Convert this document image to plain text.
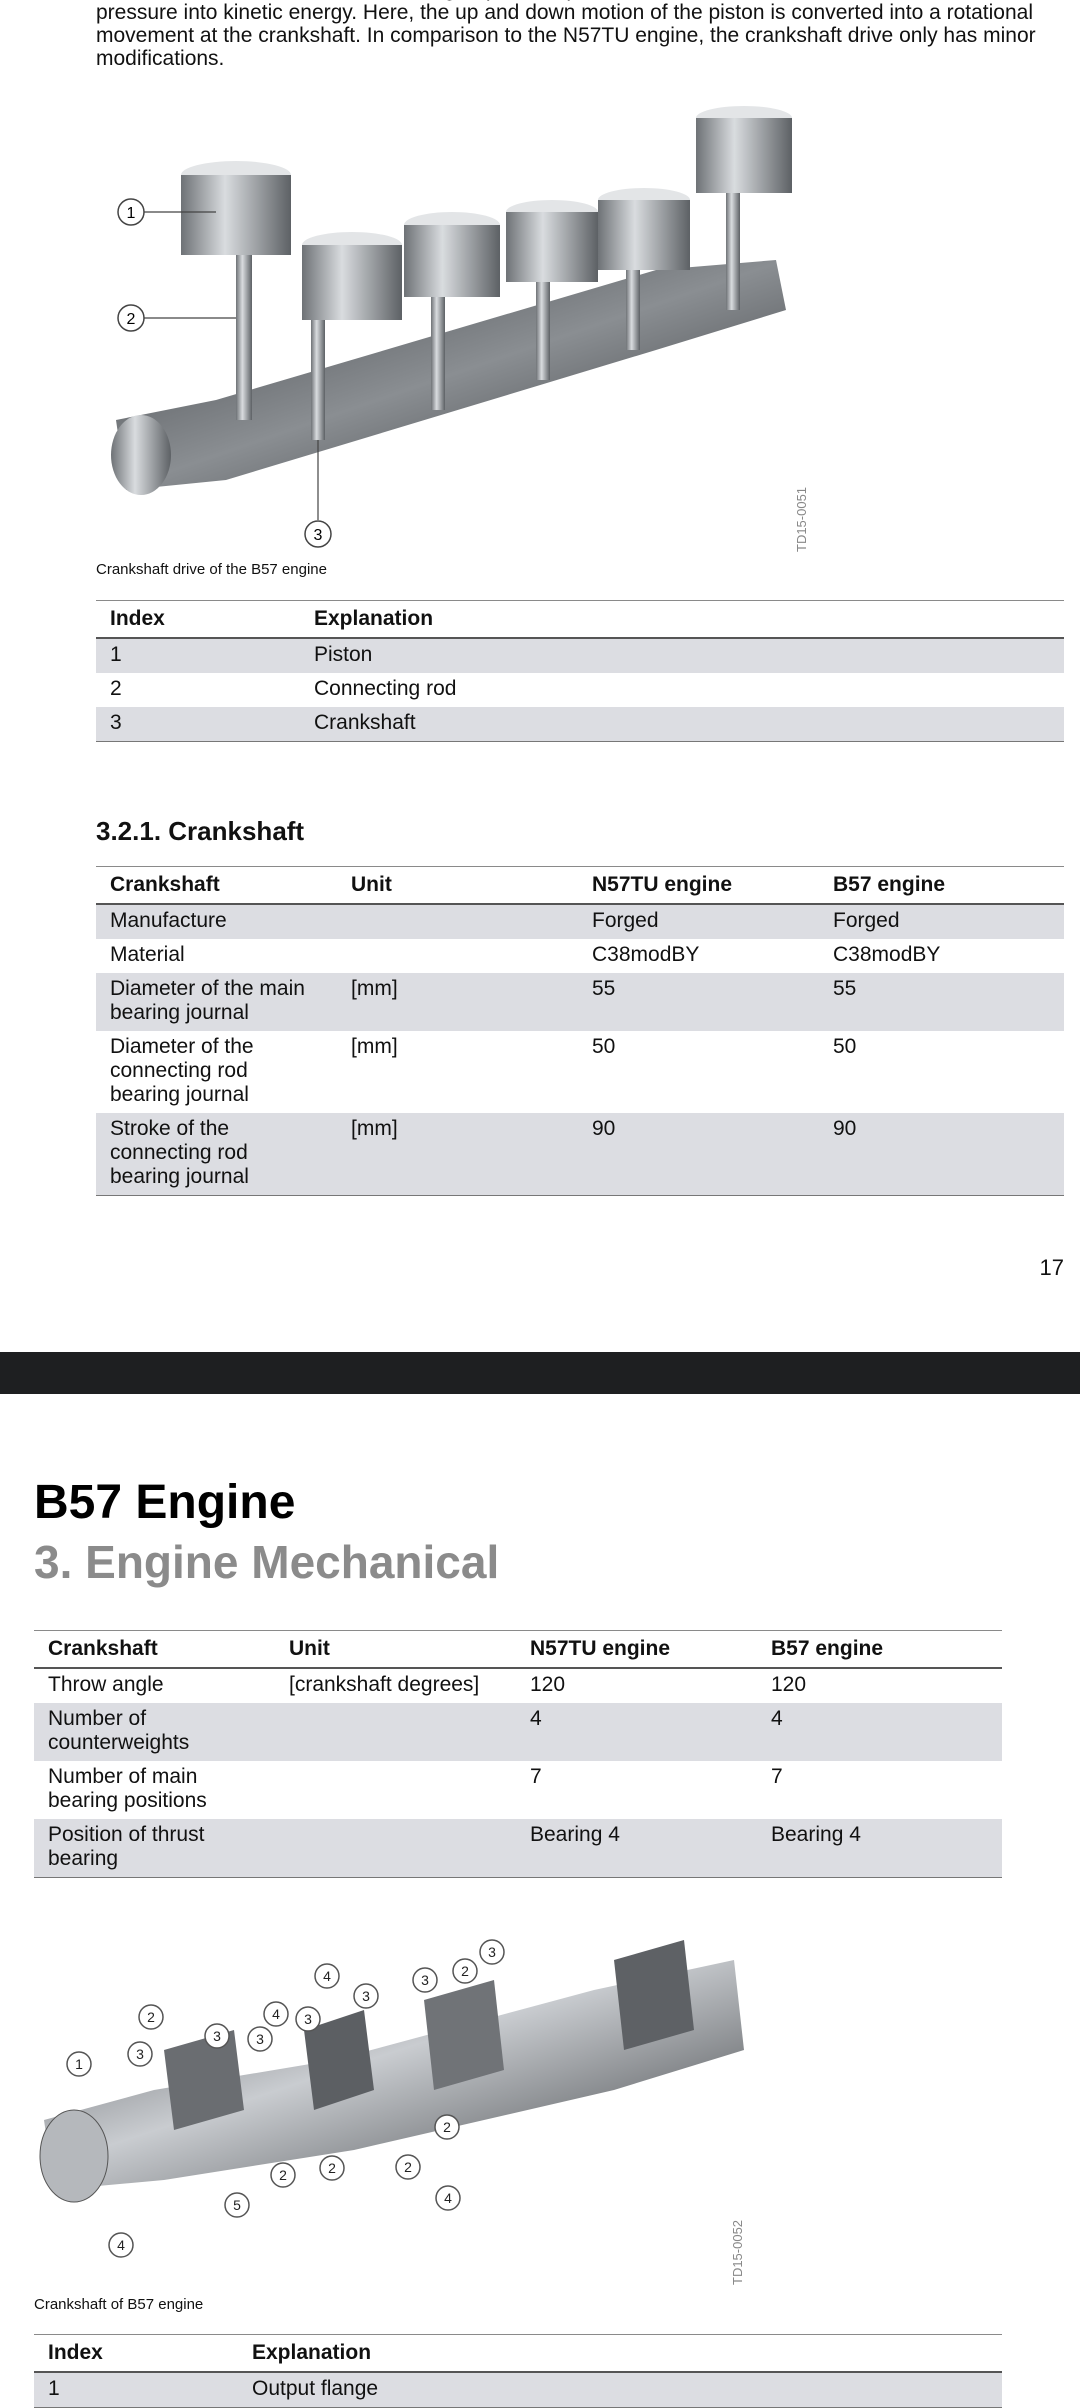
pressure into kinetic energy. Here, the up and down motion of the piston is converted into a rotational movement at the crankshaft. In comparison to the N57TU engine, the crankshaft drive only has minor modifications.
1
2
3	TD15-0051
Crankshaft drive of the B57 engine
Index	Explanation
1	Piston
2	Connecting rod
3	Crankshaft
3.2.1. Crankshaft
Crankshaft	Unit	N57TU engine	B57 engine
Manufacture		Forged	Forged
Material		C38modBY	C38modBY
Diameter of the main bearing journal	[mm]	55	55
Diameter of the connecting rod bearing journal	[mm]	50	50
Stroke of the connecting rod bearing journal	[mm]	90	90
17
B57 Engine
3. Engine Mechanical
Crankshaft	Unit	N57TU engine	B57 engine
Throw angle	[crankshaft degrees]	120	120
Number of counterweights		4	4
Number of main bearing positions		7	7
Position of thrust bearing		Bearing 4	Bearing 4
1
2
3
3
3
4
4
3
3
3
2
3
2
2
5
2	2
4
4	TD15-0052
Crankshaft of B57 engine
Index	Explanation
1	Output flange
